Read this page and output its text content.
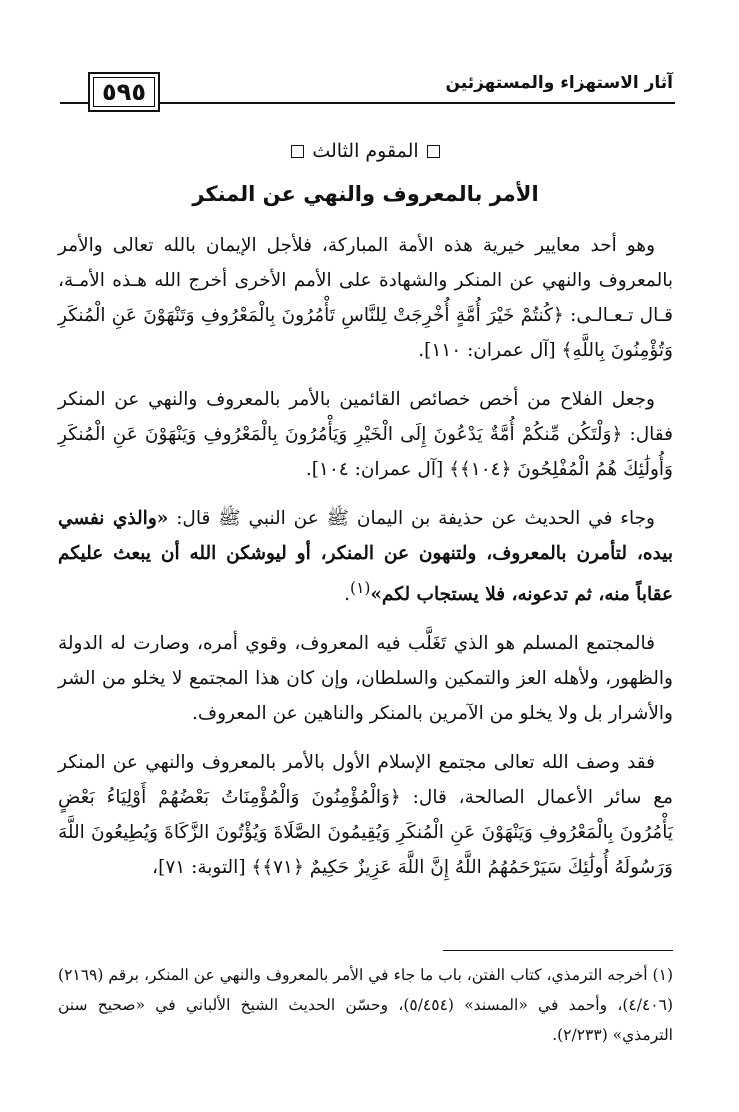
٥٩٥	آثار الاستهزاء والمستهزئين
المقوم الثالث
الأمر بالمعروف والنهي عن المنكر

وهو أحد معايير خيرية هذه الأمة المباركة، فلأجل الإيمان بالله تعالى والأمر بالمعروف والنهي عن المنكر والشهادة على الأمم الأخرى أخرج الله هـذه الأمـة، قـال تـعـالـى: ﴿كُنتُمْ خَيْرَ أُمَّةٍ أُخْرِجَتْ لِلنَّاسِ تَأْمُرُونَ بِالْمَعْرُوفِ وَتَنْهَوْنَ عَنِ الْمُنكَرِ وَتُؤْمِنُونَ بِاللَّهِ﴾ [آل عمران: ١١٠].

وجعل الفلاح من أخص خصائص القائمين بالأمر بالمعروف والنهي عن المنكر فقال: ﴿وَلْتَكُن مِّنكُمْ أُمَّةٌ يَدْعُونَ إِلَى الْخَيْرِ وَيَأْمُرُونَ بِالْمَعْرُوفِ وَيَنْهَوْنَ عَنِ الْمُنكَرِ وَأُولَٰئِكَ هُمُ الْمُفْلِحُونَ ﴿١٠٤﴾﴾ [آل عمران: ١٠٤].

وجاء في الحديث عن حذيفة بن اليمان ﷺ عن النبي ﷺ قال: «والذي نفسي بيده، لتأمرن بالمعروف، ولتنهون عن المنكر، أو ليوشكن الله أن يبعث عليكم عقاباً منه، ثم تدعونه، فلا يستجاب لكم»$^{(١)}$.

فالمجتمع المسلم هو الذي تَغَلَّب فيه المعروف، وقوي أمره، وصارت له الدولة والظهور، ولأهله العز والتمكين والسلطان، وإن كان هذا المجتمع لا يخلو من الشر والأشرار بل ولا يخلو من الآمرين بالمنكر والناهين عن المعروف.

فقد وصف الله تعالى مجتمع الإسلام الأول بالأمر بالمعروف والنهي عن المنكر مع سائر الأعمال الصالحة، قال: ﴿وَالْمُؤْمِنُونَ وَالْمُؤْمِنَاتُ بَعْضُهُمْ أَوْلِيَاءُ بَعْضٍ يَأْمُرُونَ بِالْمَعْرُوفِ وَيَنْهَوْنَ عَنِ الْمُنكَرِ وَيُقِيمُونَ الصَّلَاةَ وَيُؤْتُونَ الزَّكَاةَ وَيُطِيعُونَ اللَّهَ وَرَسُولَهُ أُولَٰئِكَ سَيَرْحَمُهُمُ اللَّهُ إِنَّ اللَّهَ عَزِيزٌ حَكِيمٌ ﴿٧١﴾﴾ [التوبة: ٧١]،

(١) أخرجه الترمذي، كتاب الفتن، باب ما جاء في الأمر بالمعروف والنهي عن المنكر، برقم (٢١٦٩) (٤/٤٠٦)، وأحمد في «المسند» (٥/٤٥٤)، وحسّن الحديث الشيخ الألباني في «صحيح سنن الترمذي» (٢/٢٣٣).
